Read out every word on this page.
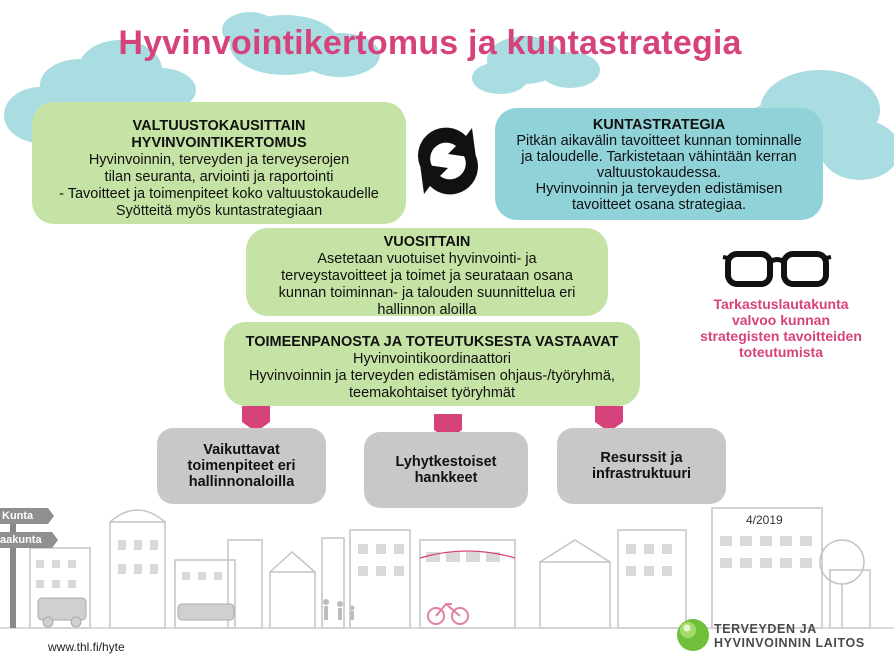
Hyvinvointikertomus ja kuntastrategia
VALTUUSTOKAUSITTAIN HYVINVOINTIKERTOMUS
Hyvinvoinnin, terveyden ja terveyserojen tilan seuranta, arviointi ja raportointi
- Tavoitteet ja toimenpiteet koko valtuustokaudelle
Syötteitä myös kuntastrategiaan
KUNTASTRATEGIA
Pitkän aikavälin tavoitteet kunnan tominnalle ja taloudelle. Tarkistetaan vähintään kerran valtuustokaudessa.
Hyvinvoinnin ja terveyden edistämisen tavoitteet osana strategiaa.
VUOSITTAIN
Asetetaan vuotuiset hyvinvointi- ja terveystavoitteet ja toimet ja seurataan osana kunnan toiminnan- ja talouden suunnittelua eri hallinnon aloilla
TOIMEENPANOSTA JA TOTEUTUKSESTA VASTAAVAT
Hyvinvointikoordinaattori
Hyvinvoinnin ja terveyden edistämisen ohjaus-/työryhmä, teemakohtaiset työryhmät
Vaikuttavat toimenpiteet eri hallinnonaloilla
Lyhytkestoiset hankkeet
Resurssit ja infrastruktuuri
Tarkastuslautakunta valvoo kunnan strategisten tavoitteiden toteutumista
Kunta
aakunta
4/2019
www.thl.fi/hyte
TERVEYDEN JA
HYVINVOINNIN LAITOS
